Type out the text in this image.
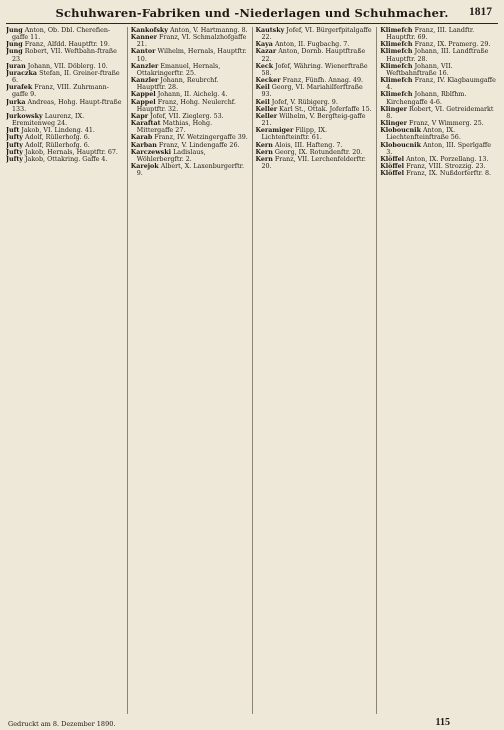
Schuhwaren-Fabriken und -Niederlagen und Schuhmacher.	1817

Jung Anton, Ob. Dbl. Cherefien-gaffe 11.

Jung Franz, Alfdd. Hauptftr. 19.

Jung Robert, VII. Weftbahn-ftraße 23.

Juran Johann, VII. Döblerg. 10.

Juraczka Stefan, II. Greiner-ftraße 6.

Jurafek Franz, VIII. Zuhrmann-gaffe 9.

Jurka Andreas, Hohg. Haupt-ftraße 133.

Jurkowsky Laurenz, IX. Eremitenweg 24.

Juft Jakob, VI. Lindeng. 41.

Jufty Adolf, Rüllerhofg. 6.

Jufty Adolf, Rüllerhofg. 6.

Jufty Jakob, Hernals, Hauptftr. 67.

Jufty Jakob, Ottakring. Gaffe 4.

Kankofsky Anton, V. Hartmanng. 8.

Kanner Franz, VI. Schmalzhofgaffe 21.

Kantor Wilhelm, Hernals, Hauptftr. 10.

Kanzler Emanuel, Hernals, Ottakringerftr. 25.

Kanzler Johann, Reubrchf. Hauptftr. 28.

Kappel Johann, II. Aichelg. 4.

Kappel Franz, Hohg. Neulerchf. Hauptftr. 32.

Kapr Jofef, VII. Zieglerg. 53.

Karaftat Mathias, Hohg. Mittergaffe 27.

Karab Franz, IV. Wetzingergaffe 39.

Karban Franz, V. Lindengaffe 26.

Karczewski Ladislaus, Wöhlerbergftr. 2.

Karejok Albert, X. Laxenburgerftr. 9.

Kautsky Jofef, VI. Bürgerfpitalgaffe 22.

Kaya Anton, II. Fugbachg. 7.

Kazar Anton, Dornb. Hauptftraße 22.

Keck Jofef, Währing. Wienerftraße 58.

Kecker Franz, Fünfh. Annag. 49.

Keil Georg, VI. Mariahilferftraße 93.

Keil Jofef, V. Rübigerg. 9.

Keller Karl St., Ottak. Joferfaffe 15.

Keller Wilhelm, V. Bergfteig-gaffe 21.

Keramiger Filipp, IX. Lichtenfteinftr. 61.

Kern Alois, III. Hafteng. 7.

Kern Georg, IX. Rotundenftr. 20.

Kern Franz, VII. Lerchenfelderftr. 20.

Klimefch Franz, III. Landftr. Hauptftr. 69.

Klimefch Franz, IX. Pramerg. 29.

Klimefch Johann, III. Landftraße Hauptftr. 28.

Klimefch Johann, VII. Weftbahnftraße 16.

Klimefch Franz, IV. Klagbaumgaffe 4.

Klimefch Johann, Rblfhm. Kirchengaffe 4-6.

Klinger Robert, VI. Getreidemarkt 8.

Klinger Franz, V Wimmerg. 25.

Kloboucnik Anton, IX. Liechtenfteinftraße 56.

Kloboucnik Anton, III. Sperlgaffe 3.

Klöffel Anton, IX. Porzellang. 13.

Klöffel Franz, VIII. Strozzig. 23.

Klöffel Franz, IX. Nußdorferftr. 8.

Gedruckt am 8. Dezember 1890.	115
